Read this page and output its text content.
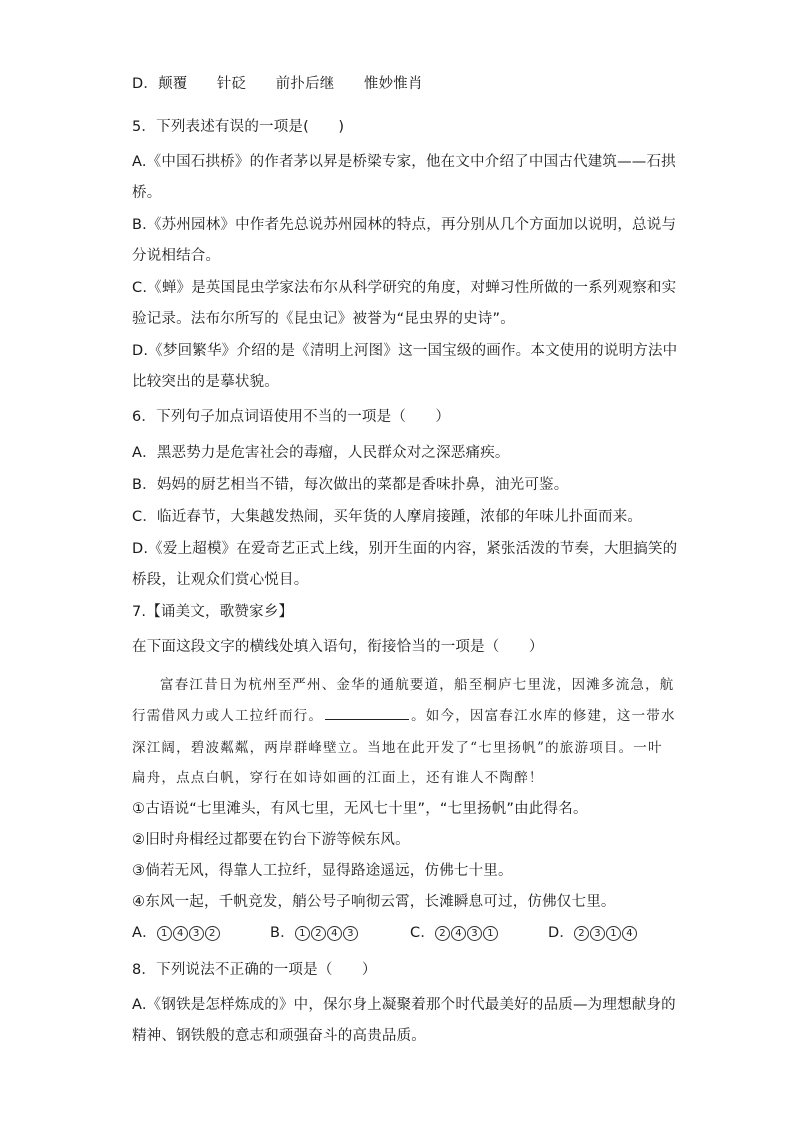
D．颠覆　　针砭　　前扑后继　　惟妙惟肖
5．下列表述有误的一项是(　　)
A.《中国石拱桥》的作者茅以昇是桥梁专家，他在文中介绍了中国古代建筑——石拱
桥。
B.《苏州园林》中作者先总说苏州园林的特点，再分别从几个方面加以说明，总说与
分说相结合。
C.《蝉》是英国昆虫学家法布尔从科学研究的角度，对蝉习性所做的一系列观察和实
验记录。法布尔所写的《昆虫记》被誉为“昆虫界的史诗”。
D.《梦回繁华》介绍的是《清明上河图》这一国宝级的画作。本文使用的说明方法中
比较突出的是摹状貌。
6．下列句子加点词语使用不当的一项是（　　）
A．黑恶势力是危害社会的毒瘤，人民群众对之深恶痛疾。
B．妈妈的厨艺相当不错，每次做出的菜都是香味扑鼻，油光可鉴。
C．临近春节，大集越发热闹，买年货的人摩肩接踵，浓郁的年味儿扑面而来。
D.《爱上超模》在爱奇艺正式上线，别开生面的内容，紧张活泼的节奏，大胆搞笑的
桥段，让观众们赏心悦目。
7.【诵美文，歌赞家乡】
在下面这段文字的横线处填入语句，衔接恰当的一项是（　　）
富春江昔日为杭州至严州、金华的通航要道，船至桐庐七里泷，因滩多流急，航
行需借风力或人工拉纤而行。	。如今，因富春江水库的修建，这一带水
深江阔，碧波粼粼，两岸群峰壁立。当地在此开发了“七里扬帆”的旅游项目。一叶
扁舟，点点白帆，穿行在如诗如画的江面上，还有谁人不陶醉！
①古语说“七里滩头，有风七里，无风七十里”，“七里扬帆”由此得名。
②旧时舟楫经过都要在钓台下游等候东风。
③倘若无风，得靠人工拉纤，显得路途遥远，仿佛七十里。
④东风一起，千帆竞发，艄公号子响彻云霄，长滩瞬息可过，仿佛仅七里。
A． 1 4 3 2	B． 1 2 4 3	C． 2 4 3 1	D． 2 3 1 4
8．下列说法不正确的一项是（　　）
A.《钢铁是怎样炼成的》中，保尔身上凝聚着那个时代最美好的品质—为理想献身的
精神、钢铁般的意志和顽强奋斗的高贵品质。
